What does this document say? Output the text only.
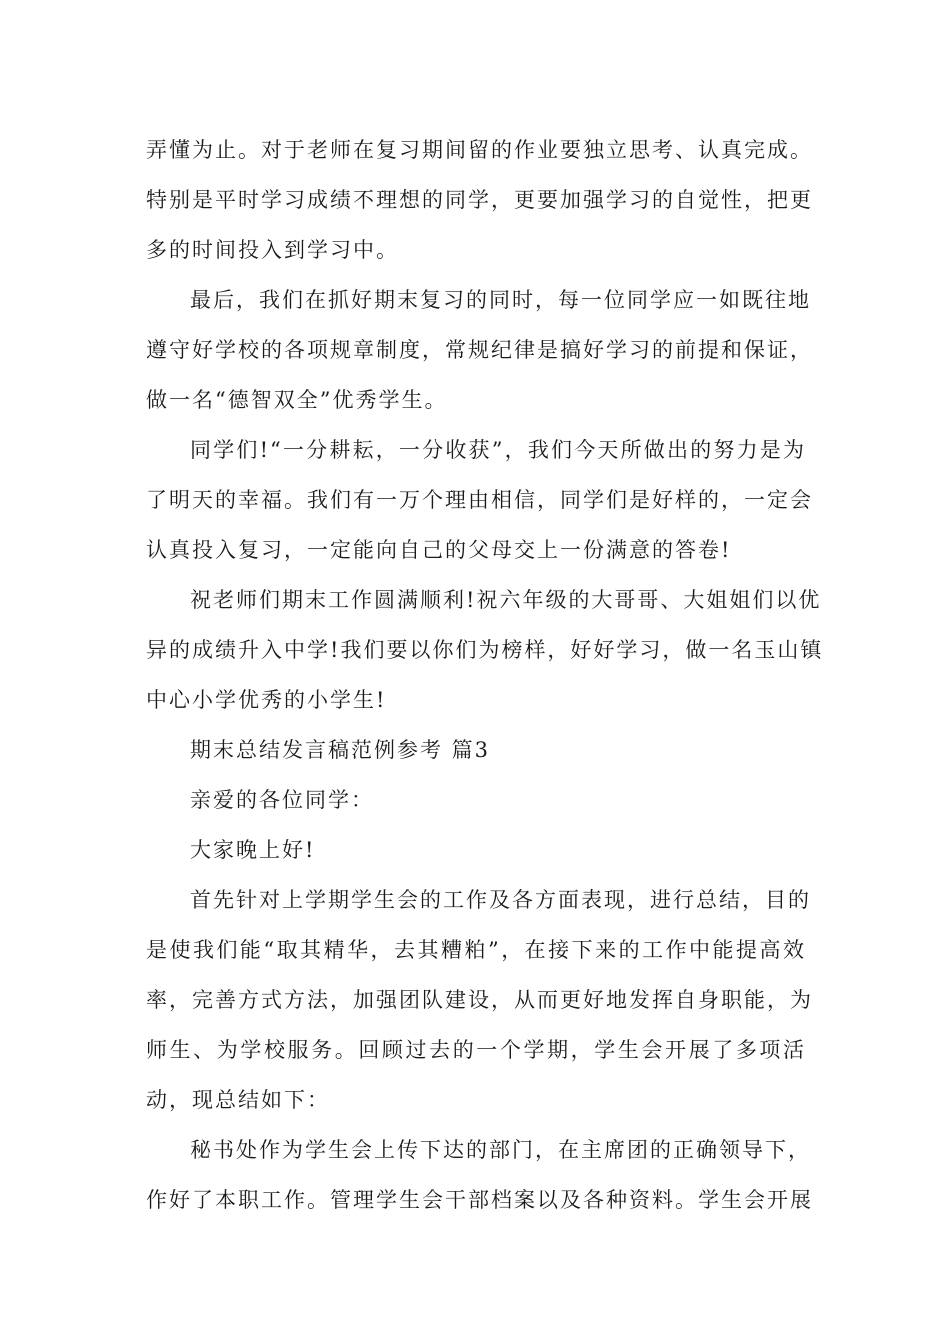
弄懂为止。对于老师在复习期间留的作业要独立思考、认真完成。
特别是平时学习成绩不理想的同学，更要加强学习的自觉性，把更
多的时间投入到学习中。
最后，我们在抓好期末复习的同时，每一位同学应一如既往地
遵守好学校的各项规章制度，常规纪律是搞好学习的前提和保证，
做一名“德智双全”优秀学生。
同学们!“一分耕耘，一分收获”，我们今天所做出的努力是为
了明天的幸福。我们有一万个理由相信，同学们是好样的，一定会
认真投入复习，一定能向自己的父母交上一份满意的答卷!
祝老师们期末工作圆满顺利!祝六年级的大哥哥、大姐姐们以优
异的成绩升入中学!我们要以你们为榜样，好好学习，做一名玉山镇
中心小学优秀的小学生!
期末总结发言稿范例参考 篇3
亲爱的各位同学：
大家晚上好!
首先针对上学期学生会的工作及各方面表现，进行总结，目的
是使我们能“取其精华，去其糟粕”，在接下来的工作中能提高效
率，完善方式方法，加强团队建设，从而更好地发挥自身职能，为
师生、为学校服务。回顾过去的一个学期，学生会开展了多项活
动，现总结如下：
秘书处作为学生会上传下达的部门，在主席团的正确领导下，
作好了本职工作。管理学生会干部档案以及各种资料。学生会开展
